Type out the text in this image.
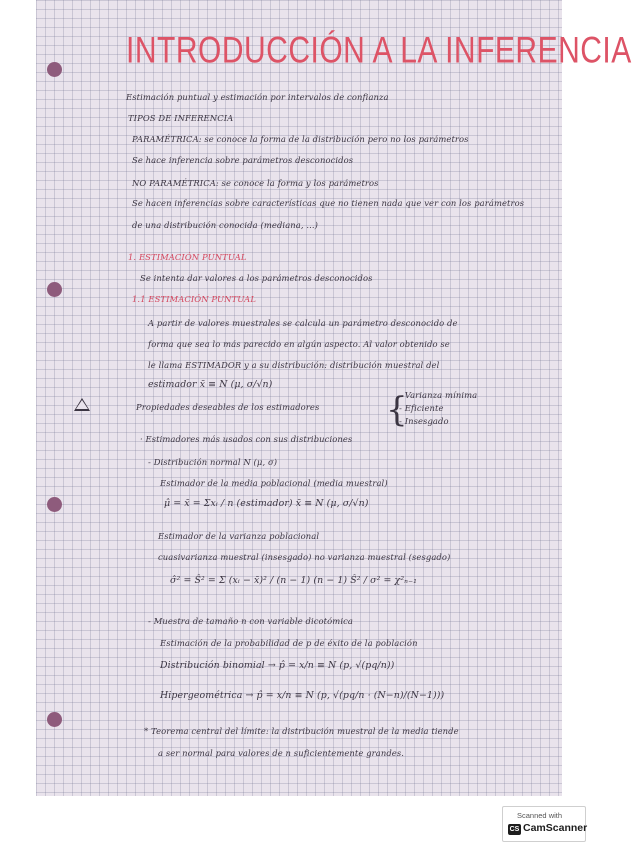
INTRODUCCIÓN A LA INFERENCIA
Estimación puntual y estimación por intervalos de confianza
TIPOS DE INFERENCIA
PARAMÉTRICA: se conoce la forma de la distribución pero no los parámetros
Se hace inferencia sobre parámetros desconocidos
NO PARAMÉTRICA: se conoce la forma y los parámetros
Se hacen inferencias sobre características que no tienen nada que ver con los parámetros
de una distribución conocida (mediana, ...)
1. ESTIMACIÓN PUNTUAL
Se intenta dar valores a los parámetros desconocidos
1.1 ESTIMACIÓN PUNTUAL
A partir de valores muestrales se calcula un parámetro desconocido de
forma que sea lo más parecido en algún aspecto. Al valor obtenido se
le llama ESTIMADOR y a su distribución: distribución muestral del
estimador x̄ ≡ N (μ, σ/√n)
Propiedades deseables de los estimadores {
- Varianza mínima
- Eficiente
- Insesgado
· Estimadores más usados con sus distribuciones
- Distribución normal N (μ, σ)
Estimador de la media poblacional (media muestral)
μ̂ = x̄ = Σxᵢ / n (estimador) x̄ ≡ N (μ, σ/√n)
Estimador de la varianza poblacional
cuasivarianza muestral (insesgado) no varianza muestral (sesgado)
σ̂² = Ŝ² = Σ (xᵢ − x̄)² / (n − 1) (n − 1) Ŝ² / σ² = χ²ₙ₋₁
- Muestra de tamaño n con variable dicotómica
Estimación de la probabilidad de p de éxito de la población
Distribución binomial → p̂ = x/n ≡ N (p, √(pq/n))
Hipergeométrica → p̂ = x/n ≡ N (p, √(pq/n · (N−n)/(N−1)))
* Teorema central del límite: la distribución muestral de la media tiende
a ser normal para valores de n suficientemente grandes.
Scanned with
CS CamScanner
